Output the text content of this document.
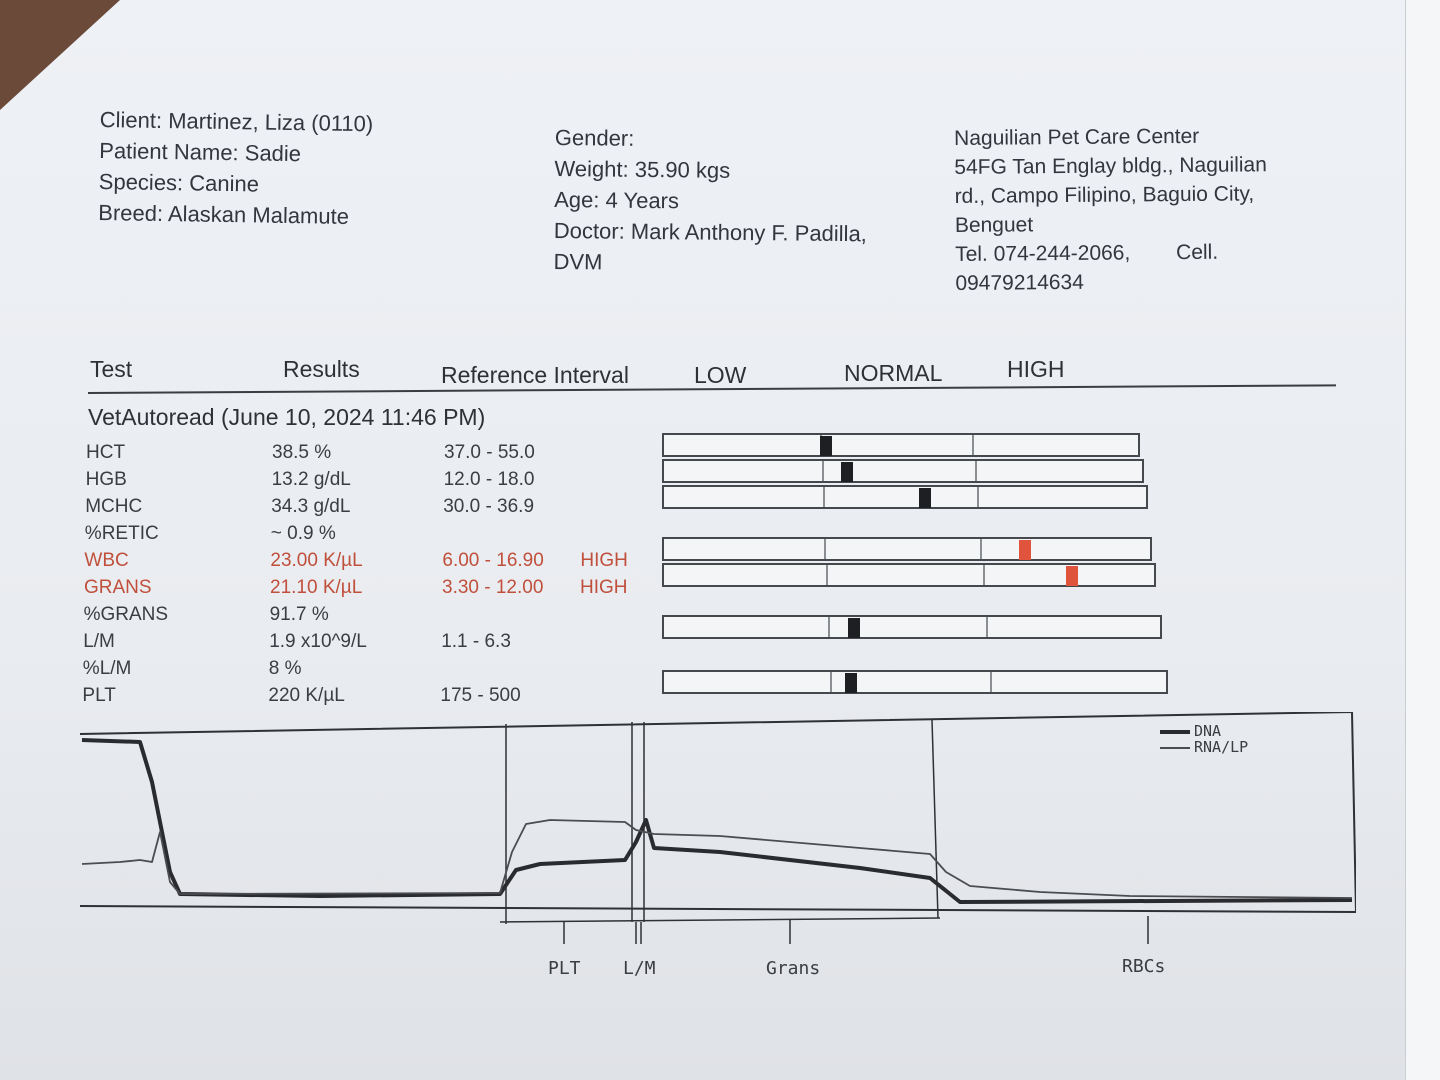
Client: Martinez, Liza (0110)
Patient Name: Sadie
Species: Canine
Breed: Alaskan Malamute
Gender:
Weight: 35.90 kgs
Age: 4 Years
Doctor: Mark Anthony F. Padilla,
DVM
Naguilian Pet Care Center
54FG Tan Englay bldg., Naguilian
rd., Campo Filipino, Baguio City,
Benguet
Tel. 074-244-2066, Cell.
09479214634
Test	Results	Reference Interval	LOW	NORMAL	HIGH
VetAutoread (June 10, 2024 11:46 PM)
HCT	38.5 %	37.0 - 55.0
HGB	13.2 g/dL	12.0 - 18.0
MCHC	34.3 g/dL	30.0 - 36.9
%RETIC	~ 0.9 %
WBC	23.00 K/µL	6.00 - 16.90 HIGH
GRANS	21.10 K/µL	3.30 - 12.00 HIGH
%GRANS	91.7 %
L/M	1.9 x10^9/L	1.1 - 6.3
%L/M	8 %
PLT	220 K/µL	175 - 500
DNA
RNA/LP
PLT L/M	Grans	RBCs
